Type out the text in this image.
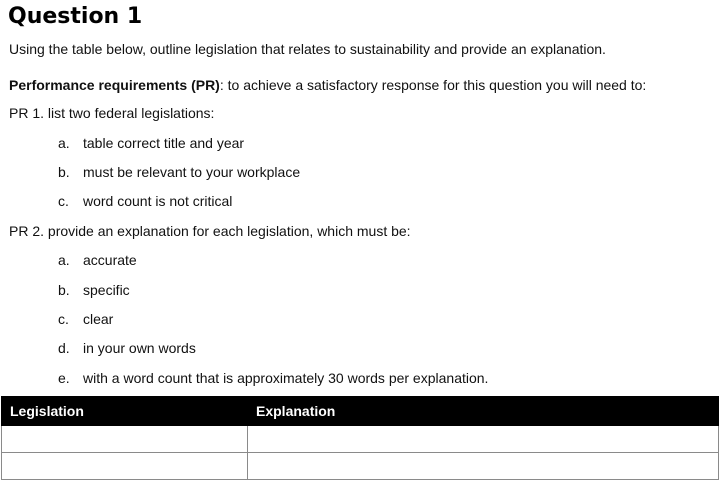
Question 1
Using the table below, outline legislation that relates to sustainability and provide an explanation.
Performance requirements (PR): to achieve a satisfactory response for this question you will need to:
PR 1. list two federal legislations:
a. table correct title and year
b. must be relevant to your workplace
c. word count is not critical
PR 2. provide an explanation for each legislation, which must be:
a. accurate
b. specific
c. clear
d. in your own words
e. with a word count that is approximately 30 words per explanation.
Legislation	Explanation
